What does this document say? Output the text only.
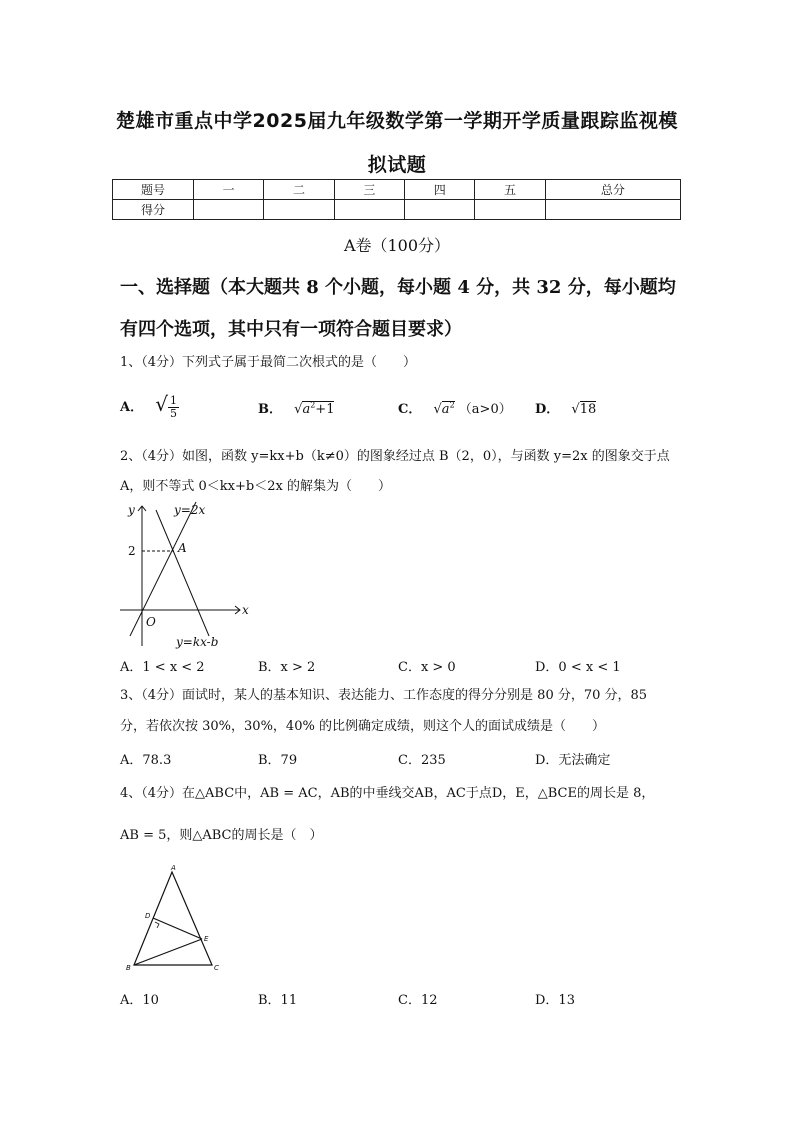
楚雄市重点中学2025届九年级数学第一学期开学质量跟踪监视模
拟试题
题号	一	二	三	四	五	总分
得分						
A卷（100分）
一、选择题（本大题共 8 个小题，每小题 4 分，共 32 分，每小题均
有四个选项，其中只有一项符合题目要求）
1、（4分）下列式子属于最简二次根式的是（　　）
A． √ $\frac{1}{5}$	B． $√a^2+1$	C． $√a^2$ （a>0） D． √18
2、（4分）如图，函数 y=kx+b（k≠0）的图象经过点 B（2，0），与函数 y=2x 的图象交于点
A，则不等式 0＜kx+b＜2x 的解集为（　　）
y
x
O
2	A
y=2x
y=kx-b
A．1 < x < 2	B．x > 2	C．x > 0	D．0 < x < 1
3、（4分）面试时，某人的基本知识、表达能力、工作态度的得分分别是 80 分，70 分，85
分，若依次按 30%，30%，40% 的比例确定成绩，则这个人的面试成绩是（　　）
A．78.3	B．79	C．235	D．无法确定
4、（4分）在△ABC中，AB = AC，AB的中垂线交AB，AC于点D，E，△BCE的周长是 8，
AB = 5，则△ABC的周长是（　）
A
B	C
D
E
A．10	B．11	C．12	D．13
